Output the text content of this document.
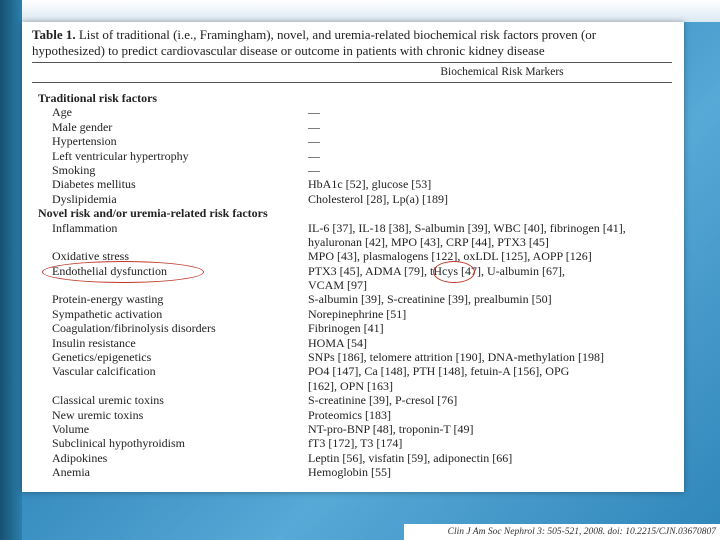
Table 1. List of traditional (i.e., Framingham), novel, and uremia-related biochemical risk factors proven (or hypothesized) to predict cardiovascular disease or outcome in patients with chronic kidney disease
Biochemical Risk Markers
Traditional risk factors
Age	—
Male gender	—
Hypertension	—
Left ventricular hypertrophy	—
Smoking	—
Diabetes mellitus	HbA1c [52], glucose [53]
Dyslipidemia	Cholesterol [28], Lp(a) [189]
Novel risk and/or uremia-related risk factors
Inflammation	IL-6 [37], IL-18 [38], S-albumin [39], WBC [40], fibrinogen [41],
hyaluronan [42], MPO [43], CRP [44], PTX3 [45]
Oxidative stress	MPO [43], plasmalogens [122], oxLDL [125], AOPP [126]
Endothelial dysfunction	PTX3 [45], ADMA [79], tHcys [47], U-albumin [67],
VCAM [97]
Protein-energy wasting	S-albumin [39], S-creatinine [39], prealbumin [50]
Sympathetic activation	Norepinephrine [51]
Coagulation/fibrinolysis disorders	Fibrinogen [41]
Insulin resistance	HOMA [54]
Genetics/epigenetics	SNPs [186], telomere attrition [190], DNA-methylation [198]
Vascular calcification	PO4 [147], Ca [148], PTH [148], fetuin-A [156], OPG
[162], OPN [163]
Classical uremic toxins	S-creatinine [39], P-cresol [76]
New uremic toxins	Proteomics [183]
Volume	NT-pro-BNP [48], troponin-T [49]
Subclinical hypothyroidism	fT3 [172], T3 [174]
Adipokines	Leptin [56], visfatin [59], adiponectin [66]
Anemia	Hemoglobin [55]
Clin J Am Soc Nephrol 3: 505-521, 2008. doi: 10.2215/CJN.03670807
